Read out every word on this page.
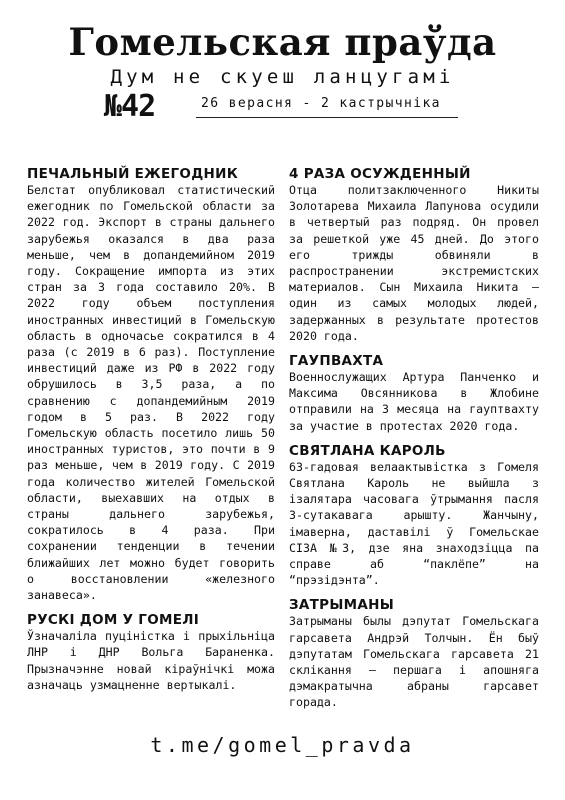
Гомельская праўда
Дум не скуеш ланцугамі
№42	26 верасня - 2 кастрычніка
ПЕЧАЛЬНЫЙ ЕЖЕГОДНИК

Белстат опубликовал статистический ежегодник по Гомельской области за 2022 год. Экспорт в страны дальнего зарубежья оказался в два раза меньше, чем в допандемийном 2019 году. Сокращение импорта из этих стран за 3 года составило 20%. В 2022 году объем поступления иностранных инвестиций в Гомельскую область в одночасье сократился в 4 раза (с 2019 в 6 раз). Поступление инвестиций даже из РФ в 2022 году обрушилось в 3,5 раза, а по сравнению с допандемийным 2019 годом в 5 раз. В 2022 году Гомельскую область посетило лишь 50 иностранных туристов, это почти в 9 раз меньше, чем в 2019 году. С 2019 года количество жителей Гомельской области, выехавших на отдых в страны дальнего зарубежья, сократилось в 4 раза. При сохранении тенденции в течении ближайших лет можно будет говорить о восстановлении «железного занавеса».

РУСКІ ДОМ У ГОМЕЛІ

Ўзначаліла пуціністка і прыхільніца ЛНР і ДНР Вольга Бараненка. Прызначэнне новай кіраўнічкі можа азначаць узмацненне вертыкалі.

4 РАЗА ОСУЖДЕННЫЙ

Отца политзаключенного Никиты Золотарева Михаила Лапунова осудили в четвертый раз подряд. Он провел за решеткой уже 45 дней. До этого его трижды обвиняли в распространении экстремистских материалов. Сын Михаила Никита — один из самых молодых людей, задержанных в результате протестов 2020 года.

ГАУПВАХТА

Военнослужащих Артура Панченко и Максима Овсянникова в Жлобине отправили на 3 месяца на гауптвахту за участие в протестах 2020 года.

СВЯТЛАНА КАРОЛЬ

63-гадовая велаактывістка з Гомеля Святлана Кароль не выйшла з ізалятара часовага ўтрымання пасля 3-сутакавага арышту. Жанчыну, імаверна, даставілі ў Гомельскае СІЗА №3, дзе яна знаходзіцца па справе аб “паклёпе” на “прэзідэнта”.

ЗАТРЫМАНЫ

Затрыманы былы дэпутат Гомельскага гарсавета Андрэй Толчын. Ён быў дэпутатам Гомельскага гарсавета 21 склікання — першага і апошняга дэмакратычна абраны гарсавет горада.

t.me/gomel_pravda
